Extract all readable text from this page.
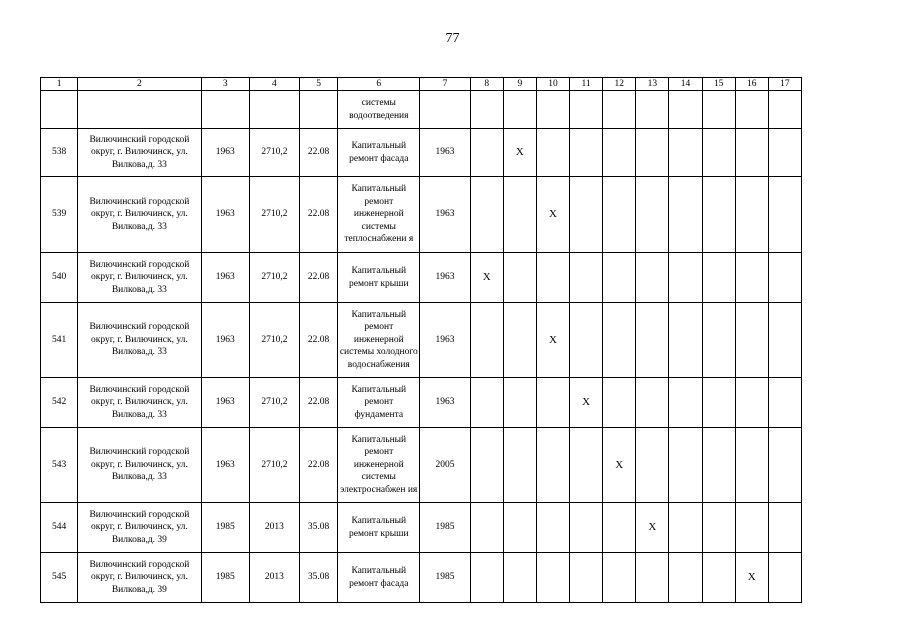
77
1	2	3	4	5	6	7	8	9	10	11	12	13	14	15	16	17
					системы водоотведения											
538	Вилючинский городской округ, г. Вилючинск, ул. Вилкова,д. 33	1963	2710,2	22.08	Капитальный ремонт фасада	1963		Х								
539	Вилючинский городской округ, г. Вилючинск, ул. Вилкова,д. 33	1963	2710,2	22.08	Капитальный ремонт инженерной системы теплоснабжени я	1963			Х							
540	Вилючинский городской округ, г. Вилючинск, ул. Вилкова,д. 33	1963	2710,2	22.08	Капитальный ремонт крыши	1963	Х									
541	Вилючинский городской округ, г. Вилючинск, ул. Вилкова,д. 33	1963	2710,2	22.08	Капитальный ремонт инженерной системы холодного водоснабжения	1963			Х							
542	Вилючинский городской округ, г. Вилючинск, ул. Вилкова,д. 33	1963	2710,2	22.08	Капитальный ремонт фундамента	1963				Х						
543	Вилючинский городской округ, г. Вилючинск, ул. Вилкова,д. 33	1963	2710,2	22.08	Капитальный ремонт инженерной системы электроснабжен ия	2005					Х					
544	Вилючинский городской округ, г. Вилючинск, ул. Вилкова,д. 39	1985	2013	35.08	Капитальный ремонт крыши	1985						Х				
545	Вилючинский городской округ, г. Вилючинск, ул. Вилкова,д. 39	1985	2013	35.08	Капитальный ремонт фасада	1985									Х	
